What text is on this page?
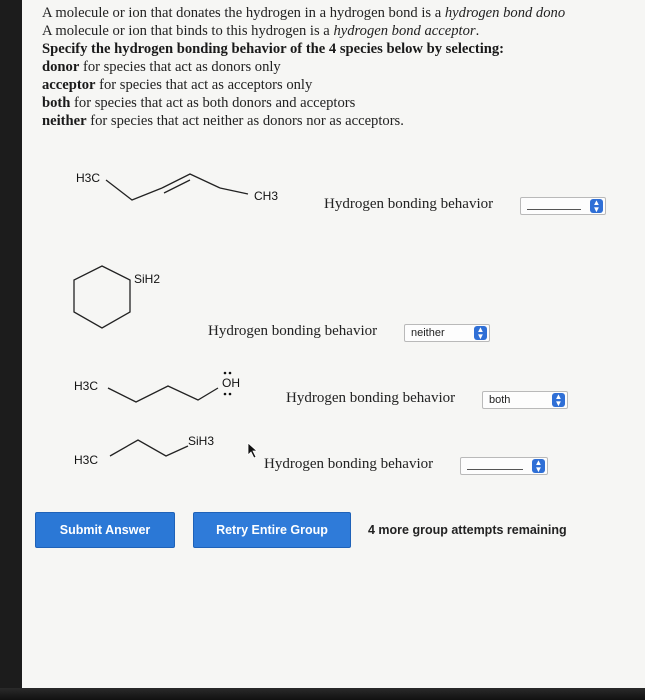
A molecule or ion that donates the hydrogen in a hydrogen bond is a hydrogen bond dono
A molecule or ion that binds to this hydrogen is a hydrogen bond acceptor.
Specify the hydrogen bonding behavior of the 4 species below by selecting:
donor for species that act as donors only
acceptor for species that act as acceptors only
both for species that act as both donors and acceptors
neither for species that act neither as donors nor as acceptors.
H3C
CH3	Hydrogen bonding behavior	▲
▼
SiH2
Hydrogen bonding behavior	neither	▲
▼
H3C	OH
Hydrogen bonding behavior	both	▲
▼
H3C
SiH3
Hydrogen bonding behavior	▲
▼
Submit Answer	Retry Entire Group	4 more group attempts remaining
